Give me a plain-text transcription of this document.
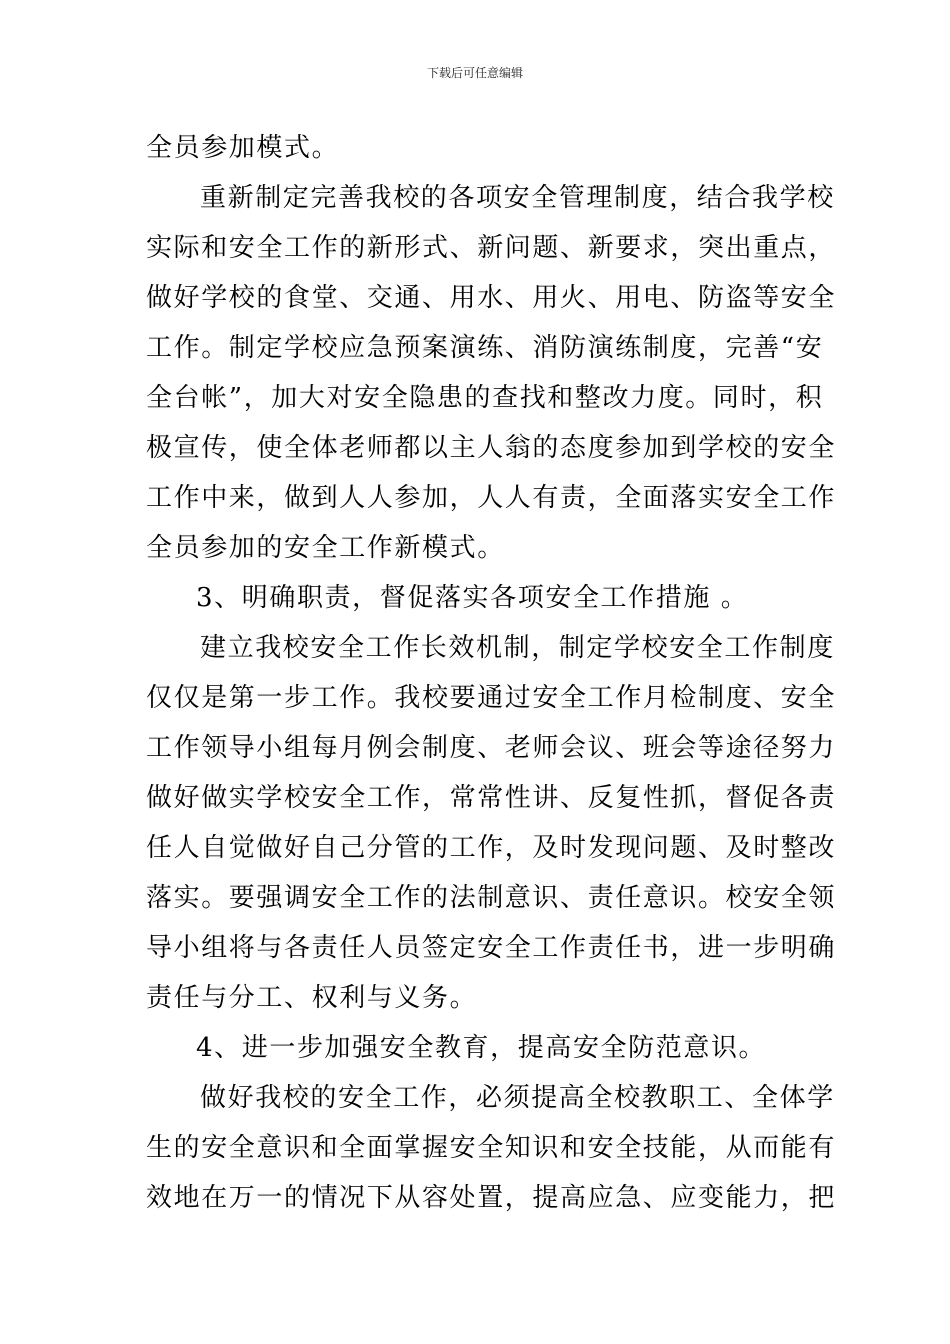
下载后可任意编辑
全员参加模式。
重新制定完善我校的各项安全管理制度，结合我学校
实际和安全工作的新形式、新问题、新要求，突出重点，
做好学校的食堂、交通、用水、用火、用电、防盗等安全
工作。制定学校应急预案演练、消防演练制度，完善“安
全台帐”，加大对安全隐患的查找和整改力度。同时，积
极宣传，使全体老师都以主人翁的态度参加到学校的安全
工作中来，做到人人参加，人人有责，全面落实安全工作
全员参加的安全工作新模式。
3、明确职责，督促落实各项安全工作措施 。
建立我校安全工作长效机制，制定学校安全工作制度
仅仅是第一步工作。我校要通过安全工作月检制度、安全
工作领导小组每月例会制度、老师会议、班会等途径努力
做好做实学校安全工作，常常性讲、反复性抓，督促各责
任人自觉做好自己分管的工作，及时发现问题、及时整改
落实。要强调安全工作的法制意识、责任意识。校安全领
导小组将与各责任人员签定安全工作责任书，进一步明确
责任与分工、权利与义务。
4、进一步加强安全教育，提高安全防范意识。
做好我校的安全工作，必须提高全校教职工、全体学
生的安全意识和全面掌握安全知识和安全技能，从而能有
效地在万一的情况下从容处置，提高应急、应变能力，把
